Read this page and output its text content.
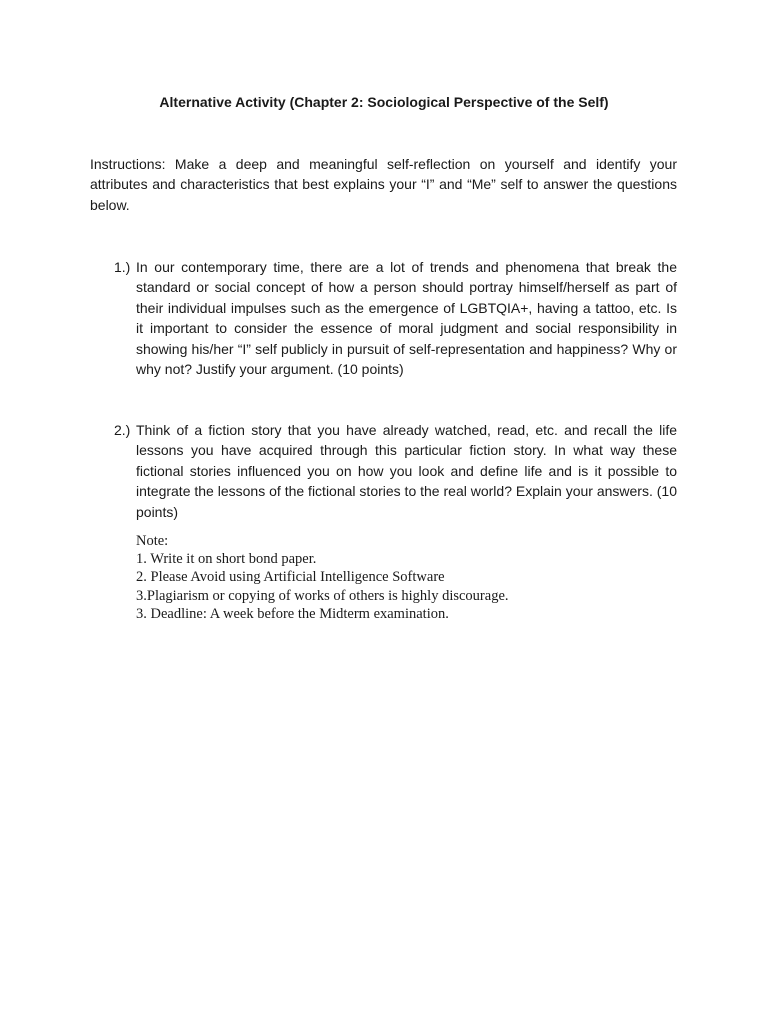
Alternative Activity (Chapter 2: Sociological Perspective of the Self)

Instructions: Make a deep and meaningful self-reflection on yourself and identify your attributes and characteristics that best explains your “I” and “Me” self to answer the questions below.

1.) In our contemporary time, there are a lot of trends and phenomena that break the standard or social concept of how a person should portray himself/herself as part of their individual impulses such as the emergence of LGBTQIA+, having a tattoo, etc. Is it important to consider the essence of moral judgment and social responsibility in showing his/her “I” self publicly in pursuit of self-representation and happiness? Why or why not? Justify your argument. (10 points)

2.) Think of a fiction story that you have already watched, read, etc. and recall the life lessons you have acquired through this particular fiction story. In what way these fictional stories influenced you on how you look and define life and is it possible to integrate the lessons of the fictional stories to the real world? Explain your answers. (10 points)

Note:
1. Write it on short bond paper.
2. Please Avoid using Artificial Intelligence Software
3.Plagiarism or copying of works of others is highly discourage.
3. Deadline: A week before the Midterm examination.
